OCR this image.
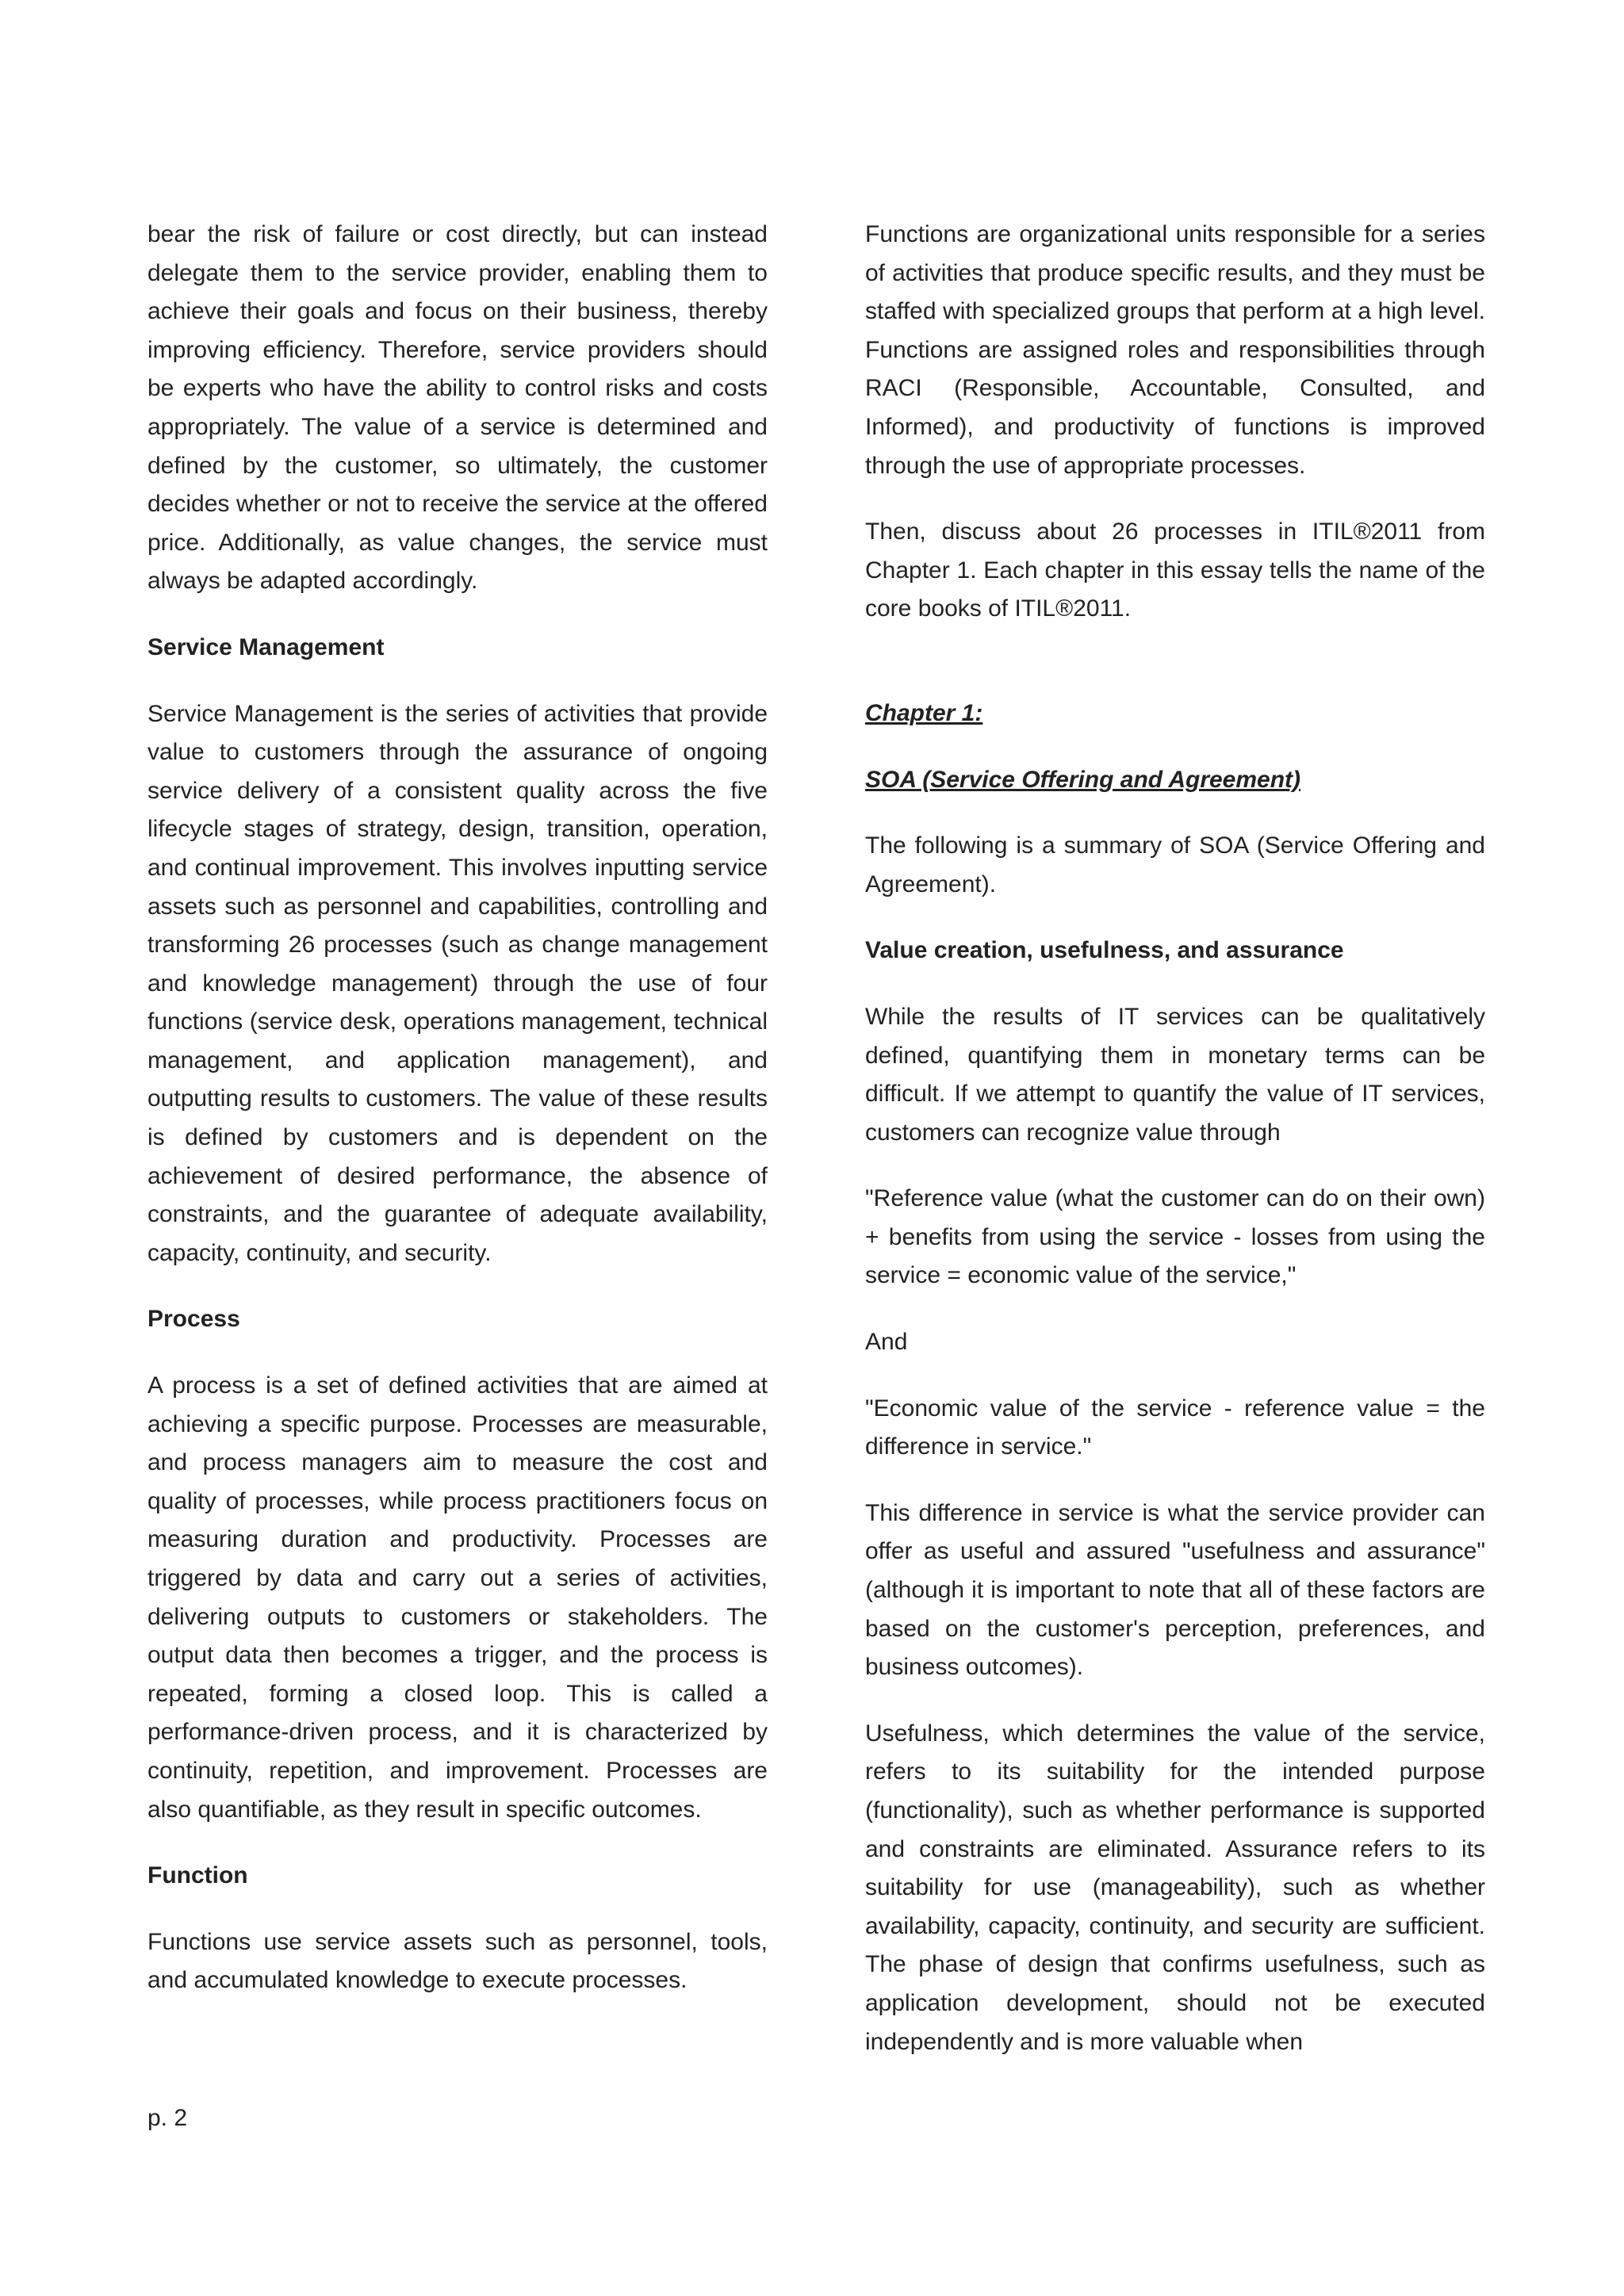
bear the risk of failure or cost directly, but can instead delegate them to the service provider, enabling them to achieve their goals and focus on their business, thereby improving efficiency. Therefore, service providers should be experts who have the ability to control risks and costs appropriately. The value of a service is determined and defined by the customer, so ultimately, the customer decides whether or not to receive the service at the offered price. Additionally, as value changes, the service must always be adapted accordingly.

Service Management

Service Management is the series of activities that provide value to customers through the assurance of ongoing service delivery of a consistent quality across the five lifecycle stages of strategy, design, transition, operation, and continual improvement. This involves inputting service assets such as personnel and capabilities, controlling and transforming 26 processes (such as change management and knowledge management) through the use of four functions (service desk, operations management, technical management, and application management), and outputting results to customers. The value of these results is defined by customers and is dependent on the achievement of desired performance, the absence of constraints, and the guarantee of adequate availability, capacity, continuity, and security.

Process

A process is a set of defined activities that are aimed at achieving a specific purpose. Processes are measurable, and process managers aim to measure the cost and quality of processes, while process practitioners focus on measuring duration and productivity. Processes are triggered by data and carry out a series of activities, delivering outputs to customers or stakeholders. The output data then becomes a trigger, and the process is repeated, forming a closed loop. This is called a performance-driven process, and it is characterized by continuity, repetition, and improvement. Processes are also quantifiable, as they result in specific outcomes.

Function

Functions use service assets such as personnel, tools, and accumulated knowledge to execute processes.

Functions are organizational units responsible for a series of activities that produce specific results, and they must be staffed with specialized groups that perform at a high level. Functions are assigned roles and responsibilities through RACI (Responsible, Accountable, Consulted, and Informed), and productivity of functions is improved through the use of appropriate processes.

Then, discuss about 26 processes in ITIL®2011 from Chapter 1. Each chapter in this essay tells the name of the core books of ITIL®2011.

Chapter 1:

SOA (Service Offering and Agreement)

The following is a summary of SOA (Service Offering and Agreement).

Value creation, usefulness, and assurance

While the results of IT services can be qualitatively defined, quantifying them in monetary terms can be difficult. If we attempt to quantify the value of IT services, customers can recognize value through

"Reference value (what the customer can do on their own) + benefits from using the service - losses from using the service = economic value of the service,"

And

"Economic value of the service - reference value = the difference in service."

This difference in service is what the service provider can offer as useful and assured "usefulness and assurance" (although it is important to note that all of these factors are based on the customer's perception, preferences, and business outcomes).

Usefulness, which determines the value of the service, refers to its suitability for the intended purpose (functionality), such as whether performance is supported and constraints are eliminated. Assurance refers to its suitability for use (manageability), such as whether availability, capacity, continuity, and security are sufficient. The phase of design that confirms usefulness, such as application development, should not be executed independently and is more valuable when

p. 2
